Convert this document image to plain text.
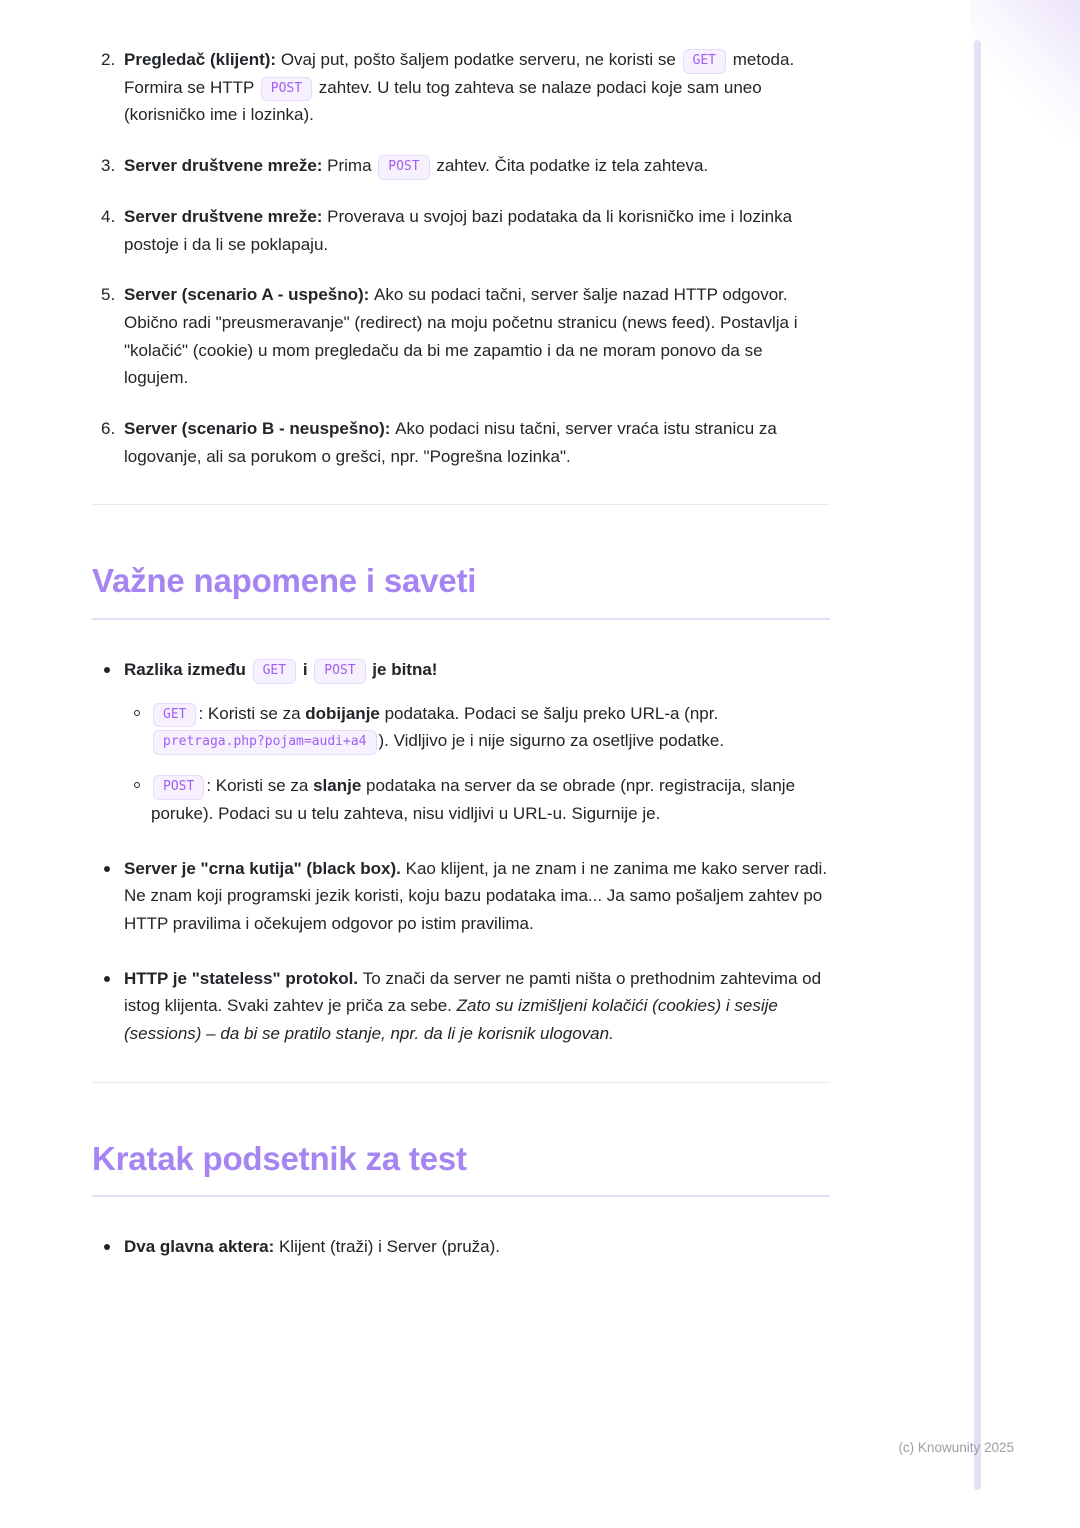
2. Pregledač (klijent): Ovaj put, pošto šaljem podatke serveru, ne koristi se GET metoda. Formira se HTTP POST zahtev. U telu tog zahteva se nalaze podaci koje sam uneo (korisničko ime i lozinka).

3. Server društvene mreže: Prima POST zahtev. Čita podatke iz tela zahteva.

4. Server društvene mreže: Proverava u svojoj bazi podataka da li korisničko ime i lozinka postoje i da li se poklapaju.

5. Server (scenario A - uspešno): Ako su podaci tačni, server šalje nazad HTTP odgovor. Obično radi "preusmeravanje" (redirect) na moju početnu stranicu (news feed). Postavlja i "kolačić" (cookie) u mom pregledaču da bi me zapamtio i da ne moram ponovo da se logujem.

6. Server (scenario B - neuspešno): Ako podaci nisu tačni, server vraća istu stranicu za logovanje, ali sa porukom o grešci, npr. "Pogrešna lozinka".

Važne napomene i saveti

Razlika između GET i POST je bitna!

GET : Koristi se za dobijanje podataka. Podaci se šalju preko URL-a (npr. pretraga.php?pojam=audi+a4 ). Vidljivo je i nije sigurno za osetljive podatke.

POST : Koristi se za slanje podataka na server da se obrade (npr. registracija, slanje poruke). Podaci su u telu zahteva, nisu vidljivi u URL-u. Sigurnije je.

Server je "crna kutija" (black box). Kao klijent, ja ne znam i ne zanima me kako server radi. Ne znam koji programski jezik koristi, koju bazu podataka ima... Ja samo pošaljem zahtev po HTTP pravilima i očekujem odgovor po istim pravilima.

HTTP je "stateless" protokol. To znači da server ne pamti ništa o prethodnim zahtevima od istog klijenta. Svaki zahtev je priča za sebe. Zato su izmišljeni kolačići (cookies) i sesije (sessions) – da bi se pratilo stanje, npr. da li je korisnik ulogovan.

Kratak podsetnik za test

Dva glavna aktera: Klijent (traži) i Server (pruža).

(c) Knowunity 2025
